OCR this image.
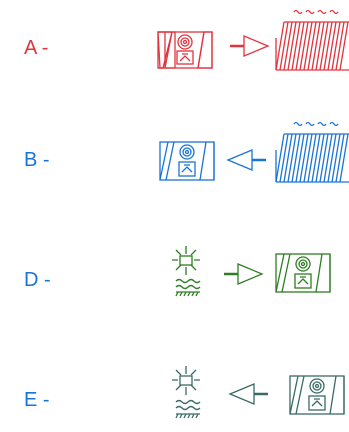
A -
B -
D -
E -
